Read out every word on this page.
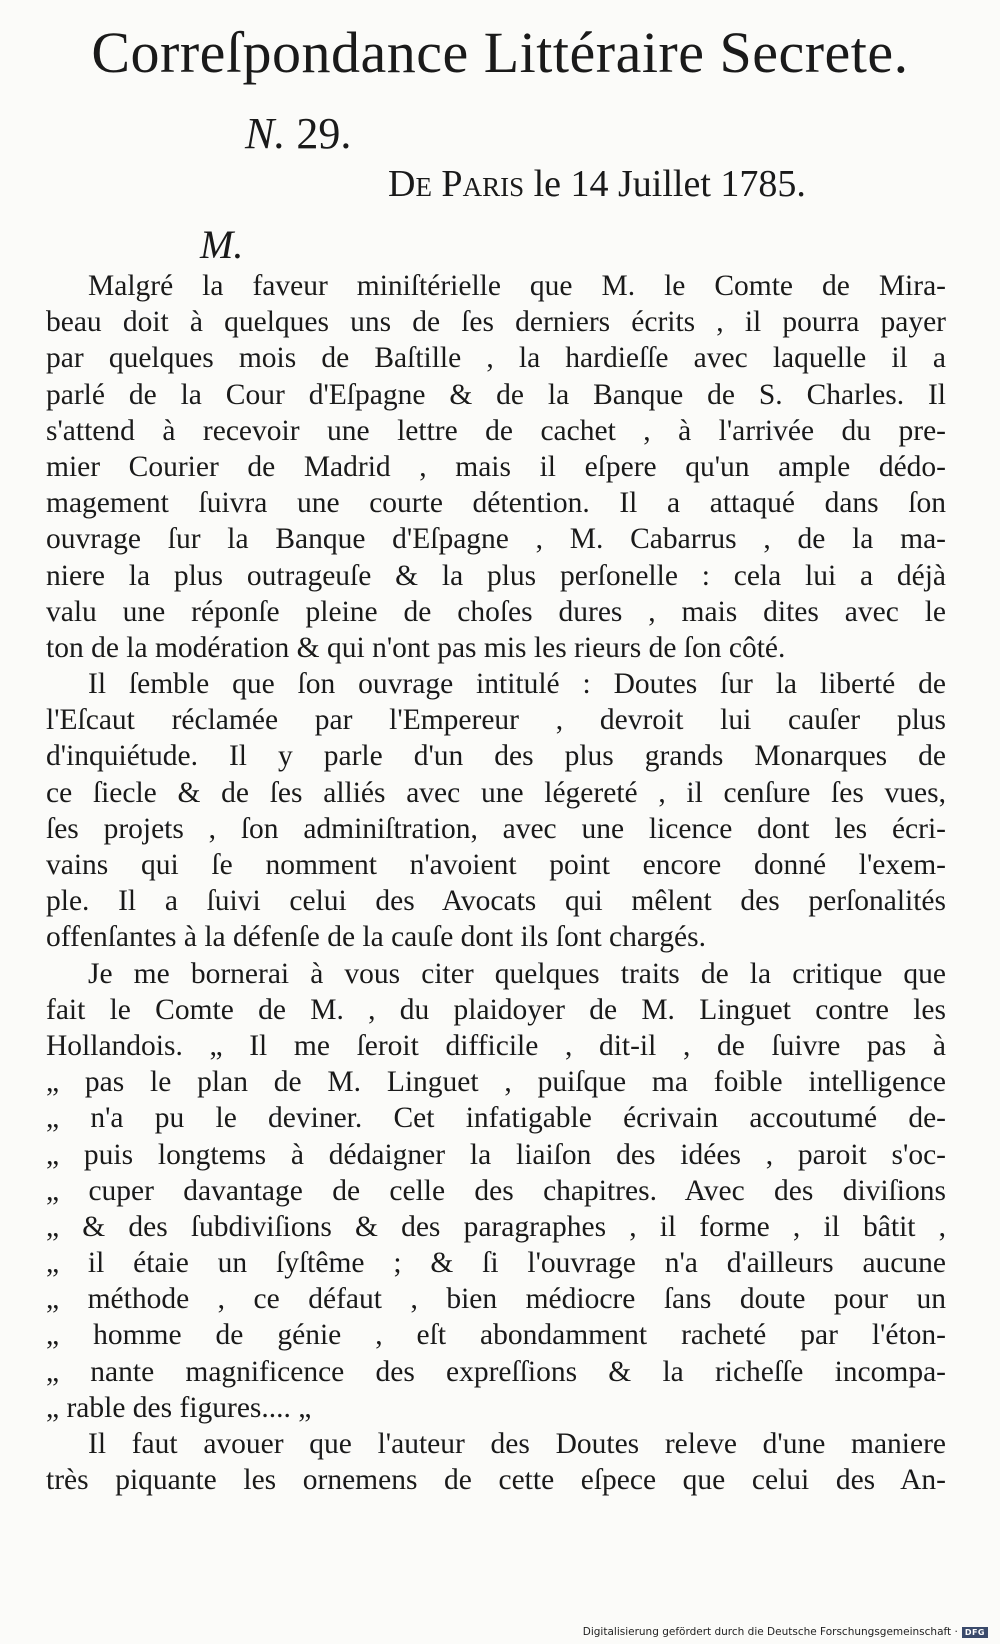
Correſpondance Littéraire Secrete.
N. 29.
De Paris le 14 Juillet 1785.
M.
Malgré la faveur miniſtérielle que M. le Comte de Mira-
beau doit à quelques uns de ſes derniers écrits , il pourra payer
par quelques mois de Baſtille , la hardieſſe avec laquelle il a
parlé de la Cour d'Eſpagne & de la Banque de S. Charles. Il
s'attend à recevoir une lettre de cachet , à l'arrivée du pre-
mier Courier de Madrid , mais il eſpere qu'un ample dédo-
magement ſuivra une courte détention. Il a attaqué dans ſon
ouvrage ſur la Banque d'Eſpagne , M. Cabarrus , de la ma-
niere la plus outrageuſe & la plus perſonelle : cela lui a déjà
valu une réponſe pleine de choſes dures , mais dites avec le
ton de la modération & qui n'ont pas mis les rieurs de ſon côté.
Il ſemble que ſon ouvrage intitulé : Doutes ſur la liberté de
l'Eſcaut réclamée par l'Empereur , devroit lui cauſer plus
d'inquiétude. Il y parle d'un des plus grands Monarques de
ce ſiecle & de ſes alliés avec une légereté , il cenſure ſes vues,
ſes projets , ſon adminiſtration, avec une licence dont les écri-
vains qui ſe nomment n'avoient point encore donné l'exem-
ple. Il a ſuivi celui des Avocats qui mêlent des perſonalités
offenſantes à la défenſe de la cauſe dont ils ſont chargés.
Je me bornerai à vous citer quelques traits de la critique que
fait le Comte de M. , du plaidoyer de M. Linguet contre les
Hollandois. „ Il me ſeroit difficile , dit-il , de ſuivre pas à
„ pas le plan de M. Linguet , puiſque ma foible intelligence
„ n'a pu le deviner. Cet infatigable écrivain accoutumé de-
„ puis longtems à dédaigner la liaiſon des idées , paroit s'oc-
„ cuper davantage de celle des chapitres. Avec des diviſions
„ & des ſubdiviſions & des paragraphes , il forme , il bâtit ,
„ il étaie un ſyſtême ; & ſi l'ouvrage n'a d'ailleurs aucune
„ méthode , ce défaut , bien médiocre ſans doute pour un
„ homme de génie , eſt abondamment racheté par l'éton-
„ nante magnificence des expreſſions & la richeſſe incompa-
„ rable des figures.... „
Il faut avouer que l'auteur des Doutes releve d'une maniere
très piquante les ornemens de cette eſpece que celui des An-
Digitalisierung gefördert durch die Deutsche Forschungsgemeinschaft · DFG
